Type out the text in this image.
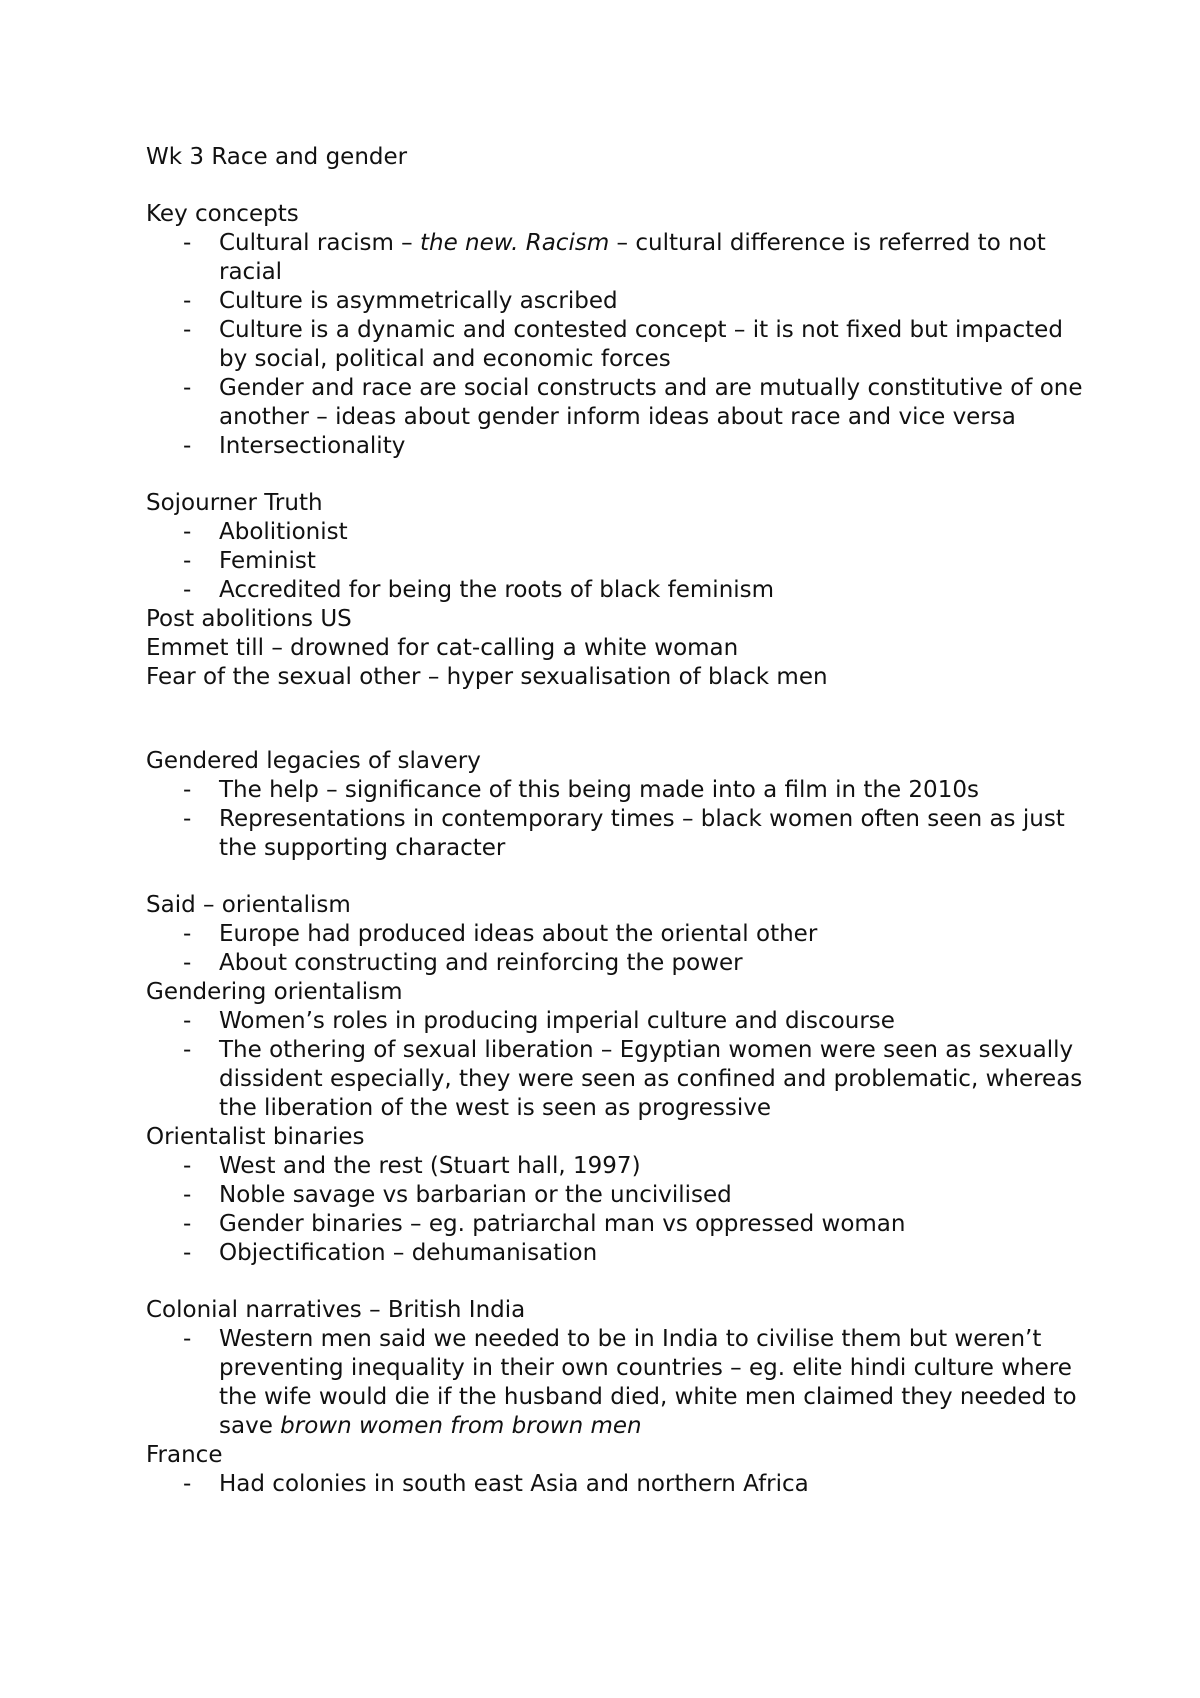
Wk 3 Race and gender
Key concepts
- Cultural racism – the new. Racism – cultural difference is referred to not racial
- Culture is asymmetrically ascribed
- Culture is a dynamic and contested concept – it is not fixed but impacted by social, political and economic forces
- Gender and race are social constructs and are mutually constitutive of one another – ideas about gender inform ideas about race and vice versa
- Intersectionality
Sojourner Truth
- Abolitionist
- Feminist
- Accredited for being the roots of black feminism
Post abolitions US
Emmet till – drowned for cat-calling a white woman
Fear of the sexual other – hyper sexualisation of black men
Gendered legacies of slavery
- The help – significance of this being made into a film in the 2010s
- Representations in contemporary times – black women often seen as just the supporting character
Said – orientalism
- Europe had produced ideas about the oriental other
- About constructing and reinforcing the power
Gendering orientalism
- Women’s roles in producing imperial culture and discourse
- The othering of sexual liberation – Egyptian women were seen as sexually dissident especially, they were seen as confined and problematic, whereas the liberation of the west is seen as progressive
Orientalist binaries
- West and the rest (Stuart hall, 1997)
- Noble savage vs barbarian or the uncivilised
- Gender binaries – eg. patriarchal man vs oppressed woman
- Objectification – dehumanisation
Colonial narratives – British India
- Western men said we needed to be in India to civilise them but weren’t preventing inequality in their own countries – eg. elite hindi culture where the wife would die if the husband died, white men claimed they needed to save brown women from brown men
France
- Had colonies in south east Asia and northern Africa
